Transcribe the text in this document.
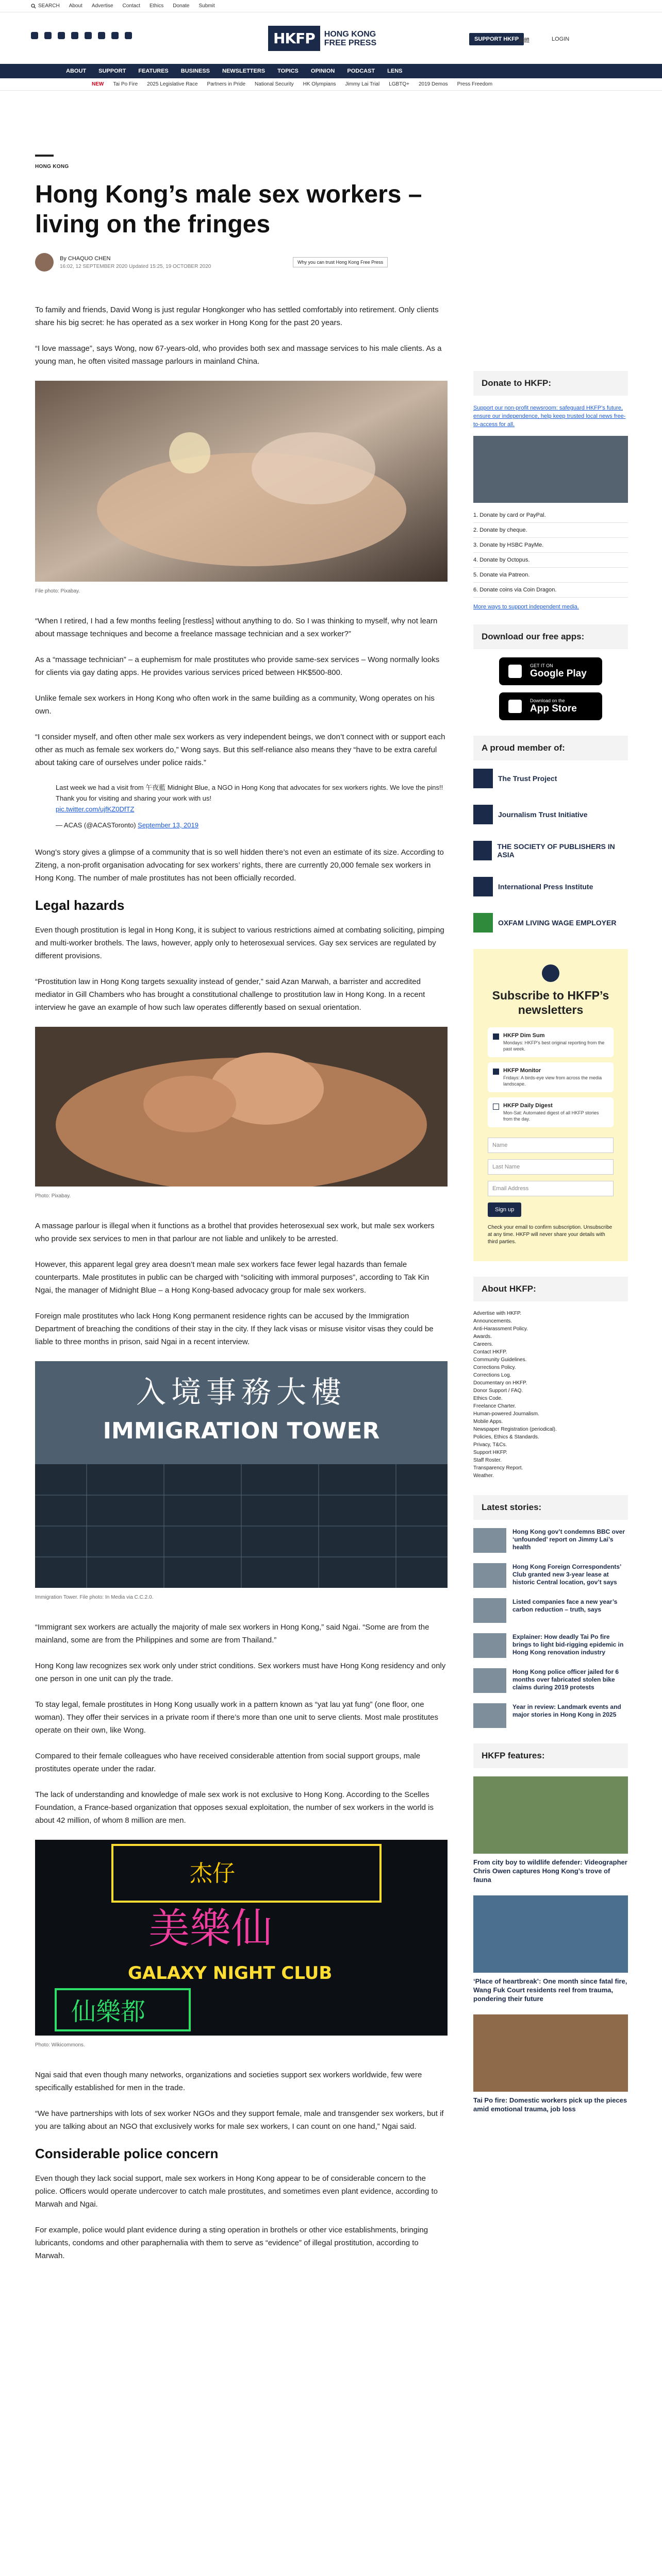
SEARCH About Advertise Contact Ethics Donate Submit
HKFP	HONG KONG
FREE PRESS	SUPPORT HKFP
繁體	LOGIN
ABOUT SUPPORT FEATURES BUSINESS NEWSLETTERS TOPICS OPINION PODCAST LENS
NEW Tai Po Fire 2025 Legislative Race Partners in Pride National Security HK Olympians Jimmy Lai Trial LGBTQ+ 2019 Demos Press Freedom
HONG KONG
Hong Kong’s male sex workers – living on the fringes
By CHAQUO CHEN
16:02, 12 SEPTEMBER 2020 Updated 15:25, 19 OCTOBER 2020
Why you can trust Hong Kong Free Press

To family and friends, David Wong is just regular Hongkonger who has settled comfortably into retirement. Only clients share his big secret: he has operated as a sex worker in Hong Kong for the past 20 years.

“I love massage”, says Wong, now 67-years-old, who provides both sex and massage services to his male clients. As a young man, he often visited massage parlours in mainland China.

File photo: Pixabay.

“When I retired, I had a few months feeling [restless] without anything to do. So I was thinking to myself, why not learn about massage techniques and become a freelance massage technician and a sex worker?”

As a “massage technician” – a euphemism for male prostitutes who provide same-sex services – Wong normally looks for clients via gay dating apps. He provides various services priced between HK$500-800.

Unlike female sex workers in Hong Kong who often work in the same building as a community, Wong operates on his own.

“I consider myself, and often other male sex workers as very independent beings, we don’t connect with or support each other as much as female sex workers do,” Wong says. But this self-reliance also means they “have to be extra careful about taking care of ourselves under police raids.”

Last week we had a visit from 午夜藍 Midnight Blue, a NGO in Hong Kong that advocates for sex workers rights. We love the pins!! Thank you for visiting and sharing your work with us!
pic.twitter.com/ujfKZ0DfTZ
— ACAS (@ACASToronto) September 13, 2019

Wong’s story gives a glimpse of a community that is so well hidden there’s not even an estimate of its size. According to Ziteng, a non-profit organisation advocating for sex workers’ rights, there are currently 20,000 female sex workers in Hong Kong. The number of male prostitutes has not been officially recorded.

Legal hazards

Even though prostitution is legal in Hong Kong, it is subject to various restrictions aimed at combating soliciting, pimping and multi-worker brothels. The laws, however, apply only to heterosexual services. Gay sex services are regulated by different provisions.

“Prostitution law in Hong Kong targets sexuality instead of gender,” said Azan Marwah, a barrister and accredited mediator in Gill Chambers who has brought a constitutional challenge to prostitution law in Hong Kong. In a recent interview he gave an example of how such law operates differently based on sexual orientation.

Photo: Pixabay.

A massage parlour is illegal when it functions as a brothel that provides heterosexual sex work, but male sex workers who provide sex services to men in that parlour are not liable and unlikely to be arrested.

However, this apparent legal grey area doesn’t mean male sex workers face fewer legal hazards than female counterparts. Male prostitutes in public can be charged with “soliciting with immoral purposes”, according to Tak Kin Ngai, the manager of Midnight Blue – a Hong Kong-based advocacy group for male sex workers.

Foreign male prostitutes who lack Hong Kong permanent residence rights can be accused by the Immigration Department of breaching the conditions of their stay in the city. If they lack visas or misuse visitor visas they could be liable to three months in prison, said Ngai in a recent interview.

入境事務大樓
IMMIGRATION TOWER
Immigration Tower. File photo: In Media via C.C.2.0.

“Immigrant sex workers are actually the majority of male sex workers in Hong Kong,” said Ngai. “Some are from the mainland, some are from the Philippines and some are from Thailand.”

Hong Kong law recognizes sex work only under strict conditions. Sex workers must have Hong Kong residency and only one person in one unit can ply the trade.

To stay legal, female prostitutes in Hong Kong usually work in a pattern known as “yat lau yat fung” (one floor, one woman). They offer their services in a private room if there’s more than one unit to serve clients. Most male prostitutes operate on their own, like Wong.

Compared to their female colleagues who have received considerable attention from social support groups, male prostitutes operate under the radar.

The lack of understanding and knowledge of male sex work is not exclusive to Hong Kong. According to the Scelles Foundation, a France-based organization that opposes sexual exploitation, the number of sex workers in the world is about 42 million, of whom 8 million are men.

杰仔
美樂仙
GALAXY NIGHT CLUB
仙樂都
Photo: Wikicommons.

Ngai said that even though many networks, organizations and societies support sex workers worldwide, few were specifically established for men in the trade.

“We have partnerships with lots of sex worker NGOs and they support female, male and transgender sex workers, but if you are talking about an NGO that exclusively works for male sex workers, I can count on one hand,” Ngai said.

Considerable police concern

Even though they lack social support, male sex workers in Hong Kong appear to be of considerable concern to the police. Officers would operate undercover to catch male prostitutes, and sometimes even plant evidence, according to Marwah and Ngai.

For example, police would plant evidence during a sting operation in brothels or other vice establishments, bringing lubricants, condoms and other paraphernalia with them to serve as “evidence” of illegal prostitution, according to Marwah.

Donate to HKFP:
Support our non-profit newsroom: safeguard HKFP's future, ensure our independence, help keep trusted local news free-to-access for all.
1. Donate by card or PayPal.
2. Donate by cheque.
3. Donate by HSBC PayMe.
4. Donate by Octopus.
5. Donate via Patreon.
6. Donate coins via Coin Dragon.
More ways to support independent media.
Download our free apps:
GET IT ON
Google Play
Download on the
App Store
A proud member of:
The Trust Project
Journalism Trust Initiative
THE SOCIETY OF PUBLISHERS IN ASIA
International Press Institute
OXFAM LIVING WAGE EMPLOYER
Subscribe to HKFP’s newsletters
HKFP Dim Sum
Mondays: HKFP’s best original reporting from the past week.
HKFP Monitor
Fridays: A birds-eye view from across the media landscape.
HKFP Daily Digest
Mon-Sat: Automated digest of all HKFP stories from the day.
Name
Last Name
Email Address
Sign up
Check your email to confirm subscription. Unsubscribe at any time. HKFP will never share your details with third parties.
About HKFP:
Advertise with HKFP.
Announcements.
Anti-Harassment Policy.
Awards.
Careers.
Contact HKFP.
Community Guidelines.
Corrections Policy.
Corrections Log.
Documentary on HKFP.
Donor Support / FAQ.
Ethics Code.
Freelance Charter.
Human-powered Journalism.
Mobile Apps.
Newspaper Registration (periodical).
Policies, Ethics & Standards.
Privacy, T&Cs.
Support HKFP.
Staff Roster.
Transparency Report.
Weather.
Latest stories:
Hong Kong gov’t condemns BBC over ‘unfounded’ report on Jimmy Lai’s health
Hong Kong Foreign Correspondents’ Club granted new 3-year lease at historic Central location, gov’t says
Listed companies face a new year’s carbon reduction – truth, says
Explainer: How deadly Tai Po fire brings to light bid-rigging epidemic in Hong Kong renovation industry
Hong Kong police officer jailed for 6 months over fabricated stolen bike claims during 2019 protests
Year in review: Landmark events and major stories in Hong Kong in 2025
HKFP features:
From city boy to wildlife defender: Videographer Chris Owen captures Hong Kong’s trove of fauna
‘Place of heartbreak’: One month since fatal fire, Wang Fuk Court residents reel from trauma, pondering their future
Tai Po fire: Domestic workers pick up the pieces amid emotional trauma, job loss
